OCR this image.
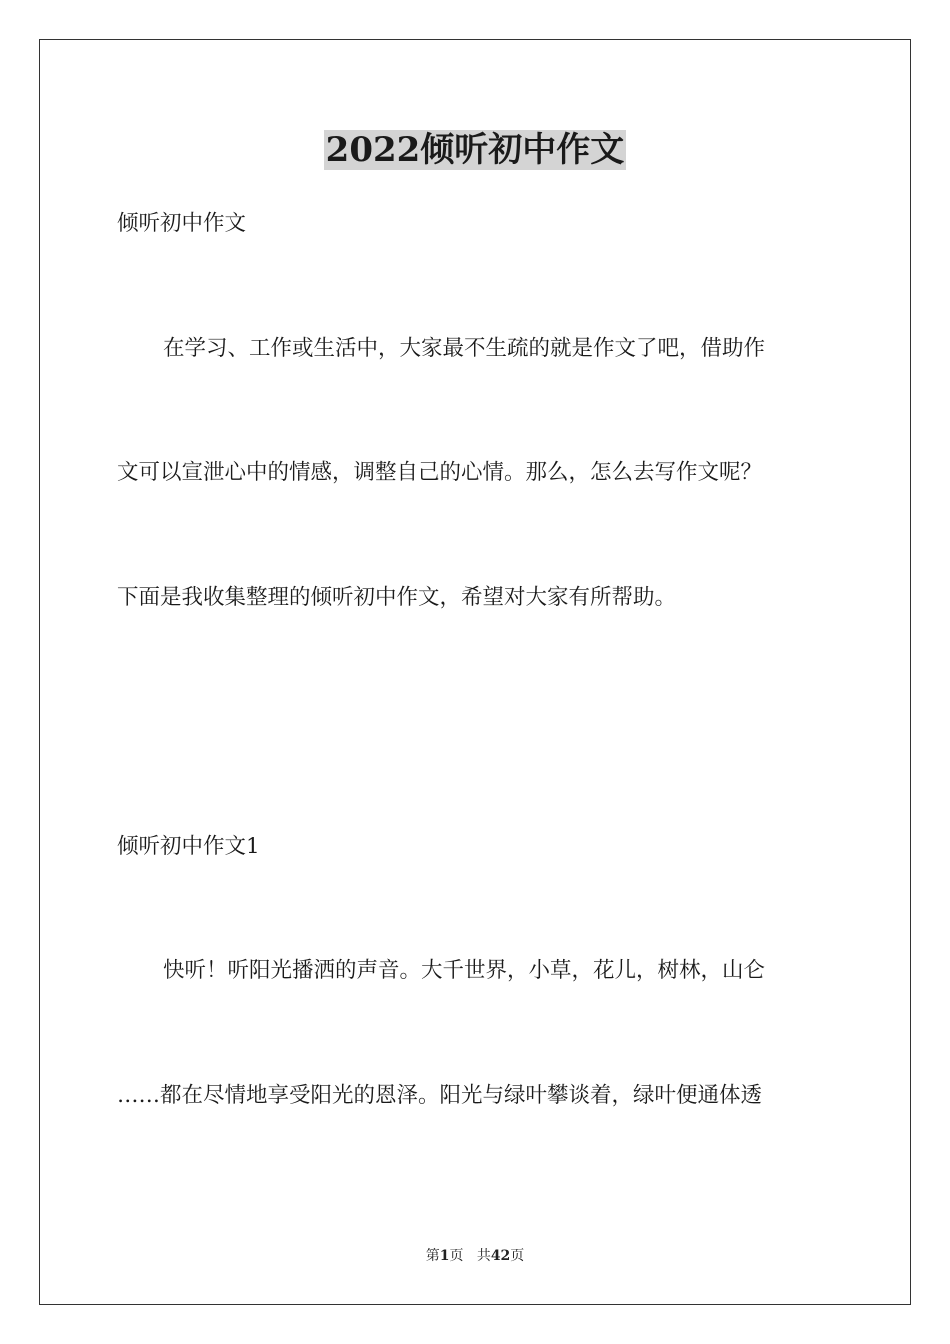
2022倾听初中作文

倾听初中作文

在学习、工作或生活中，大家最不生疏的就是作文了吧，借助作

文可以宣泄心中的情感，调整自己的心情。那么，怎么去写作文呢？

下面是我收集整理的倾听初中作文，希望对大家有所帮助。

倾听初中作文1

快听！听阳光播洒的声音。大千世界，小草，花儿，树林，山仑

……都在尽情地享受阳光的恩泽。阳光与绿叶攀谈着，绿叶便通体透

第1页 共42页
